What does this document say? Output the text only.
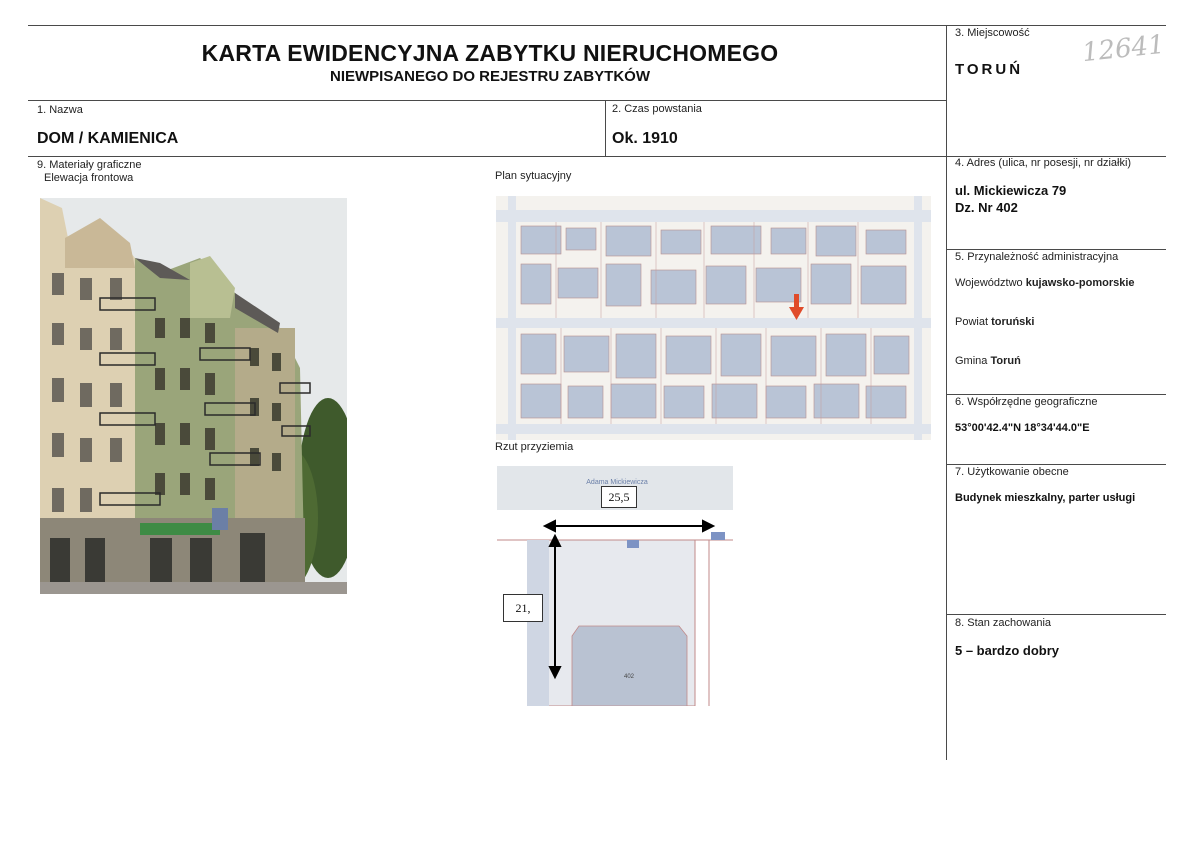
KARTA EWIDENCYJNA ZABYTKU NIERUCHOMEGO
NIEWPISANEGO DO REJESTRU ZABYTKÓW
12641
1. Nazwa
DOM / KAMIENICA
2. Czas powstania
Ok. 1910
3. Miejscowość
TORUŃ
4. Adres (ulica, nr posesji, nr działki)
ul. Mickiewicza 79
Dz. Nr 402
5. Przynależność administracyjna
Województwo kujawsko-pomorskie
Powiat toruński
Gmina Toruń
6. Współrzędne geograficzne
53°00'42.4"N 18°34'44.0"E
7. Użytkowanie obecne
Budynek mieszkalny, parter usługi
8. Stan zachowania
5 – bardzo dobry
9. Materiały graficzne
Elewacja frontowa	Plan sytuacyjny
Rzut przyziemia
Adama Mickiewicza
402
25,5
21,
